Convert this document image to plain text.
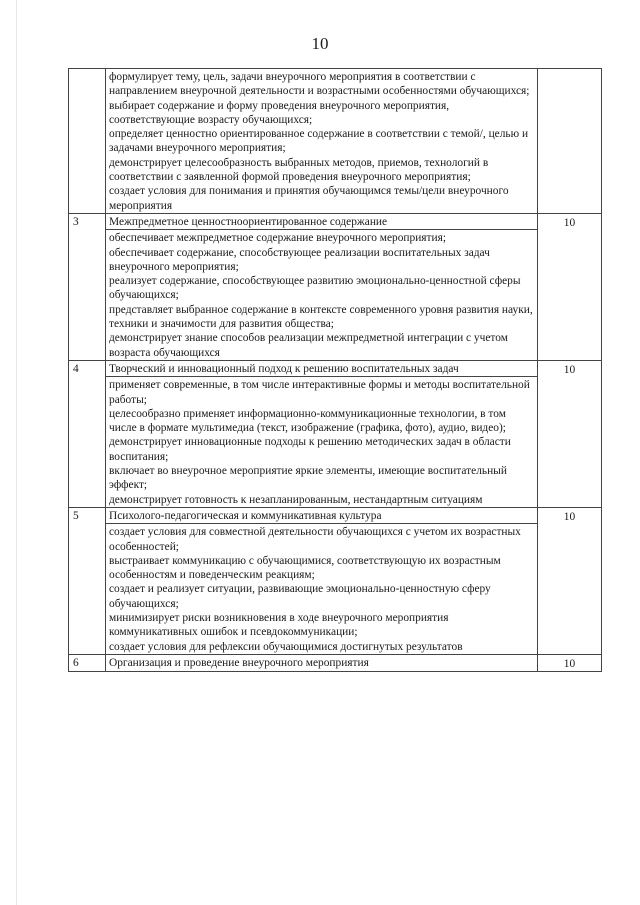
10

	формулирует тему, цель, задачи внеурочного мероприятия в соответствии с направлением внеурочной деятельности и возрастными особенностями обучающихся;
выбирает содержание и форму проведения внеурочного мероприятия, соответствующие возрасту обучающихся;
определяет ценностно ориентированное содержание в соответствии с темой/, целью и задачами внеурочного мероприятия;
демонстрирует целесообразность выбранных методов, приемов, технологий в соответствии с заявленной формой проведения внеурочного мероприятия;
создает условия для понимания и принятия обучающимся темы/цели внеурочного мероприятия	

3	Межпредметное ценностноориентированное содержание	10

	обеспечивает межпредметное содержание внеурочного мероприятия;
обеспечивает содержание, способствующее реализации воспитательных задач внеурочного мероприятия;
реализует содержание, способствующее развитию эмоционально-ценностной сферы обучающихся;
представляет выбранное содержание в контексте современного уровня развития науки, техники и значимости для развития общества;
демонстрирует знание способов реализации межпредметной интеграции с учетом возраста обучающихся	

4	Творческий и инновационный подход к решению воспитательных задач	10

	применяет современные, в том числе интерактивные формы и методы воспитательной работы;
целесообразно применяет информационно-коммуникационные технологии, в том числе в формате мультимедиа (текст, изображение (графика, фото), аудио, видео);
демонстрирует инновационные подходы к решению методических задач в области воспитания;
включает во внеурочное мероприятие яркие элементы, имеющие воспитательный эффект;
демонстрирует готовность к незапланированным, нестандартным ситуациям	

5	Психолого-педагогическая и коммуникативная культура	10

	создает условия для совместной деятельности обучающихся с учетом их возрастных особенностей;
выстраивает коммуникацию с обучающимися, соответствующую их возрастным особенностям и поведенческим реакциям;
создает и реализует ситуации, развивающие эмоционально-ценностную сферу обучающихся;
минимизирует риски возникновения в ходе внеурочного мероприятия коммуникативных ошибок и псевдокоммуникации;
создает условия для рефлексии обучающимися достигнутых результатов	

6	Организация и проведение внеурочного мероприятия	10
